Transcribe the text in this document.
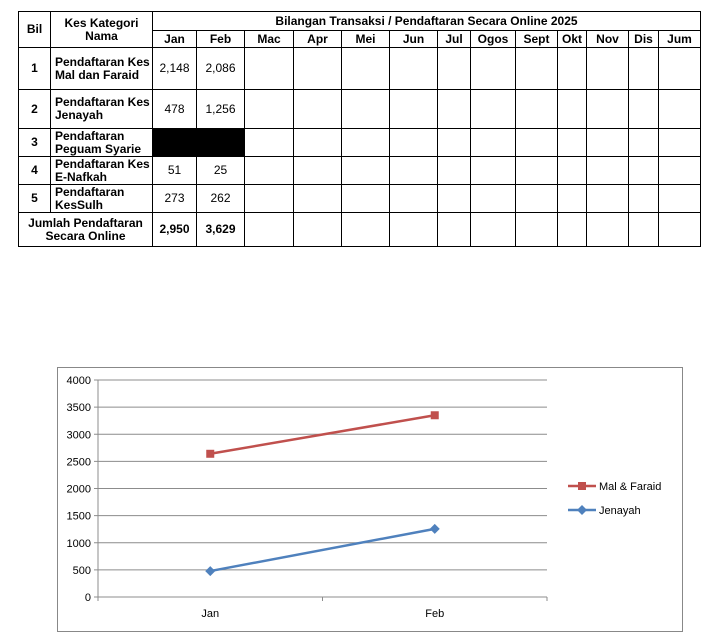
Bil	Kes Kategori Nama	Bilangan Transaksi / Pendaftaran Secara Online 2025												
		Jan	Feb	Mac	Apr	Mei	Jun	Jul	Ogos	Sept	Okt	Nov	Dis	Jum
1	Pendaftaran Kes Mal dan Faraid	2,148	2,086											
2	Pendaftaran Kes Jenayah	478	1,256											
3	Pendaftaran Peguam Syarie													
4	Pendaftaran Kes E-Nafkah	51	25											
5	Pendaftaran KesSulh	273	262											
Jumlah Pendaftaran Secara Online		2,950	3,629											
0
500
1000
1500
2000
2500
3000
3500
4000
Jan	Feb
Mal & Faraid
Jenayah
